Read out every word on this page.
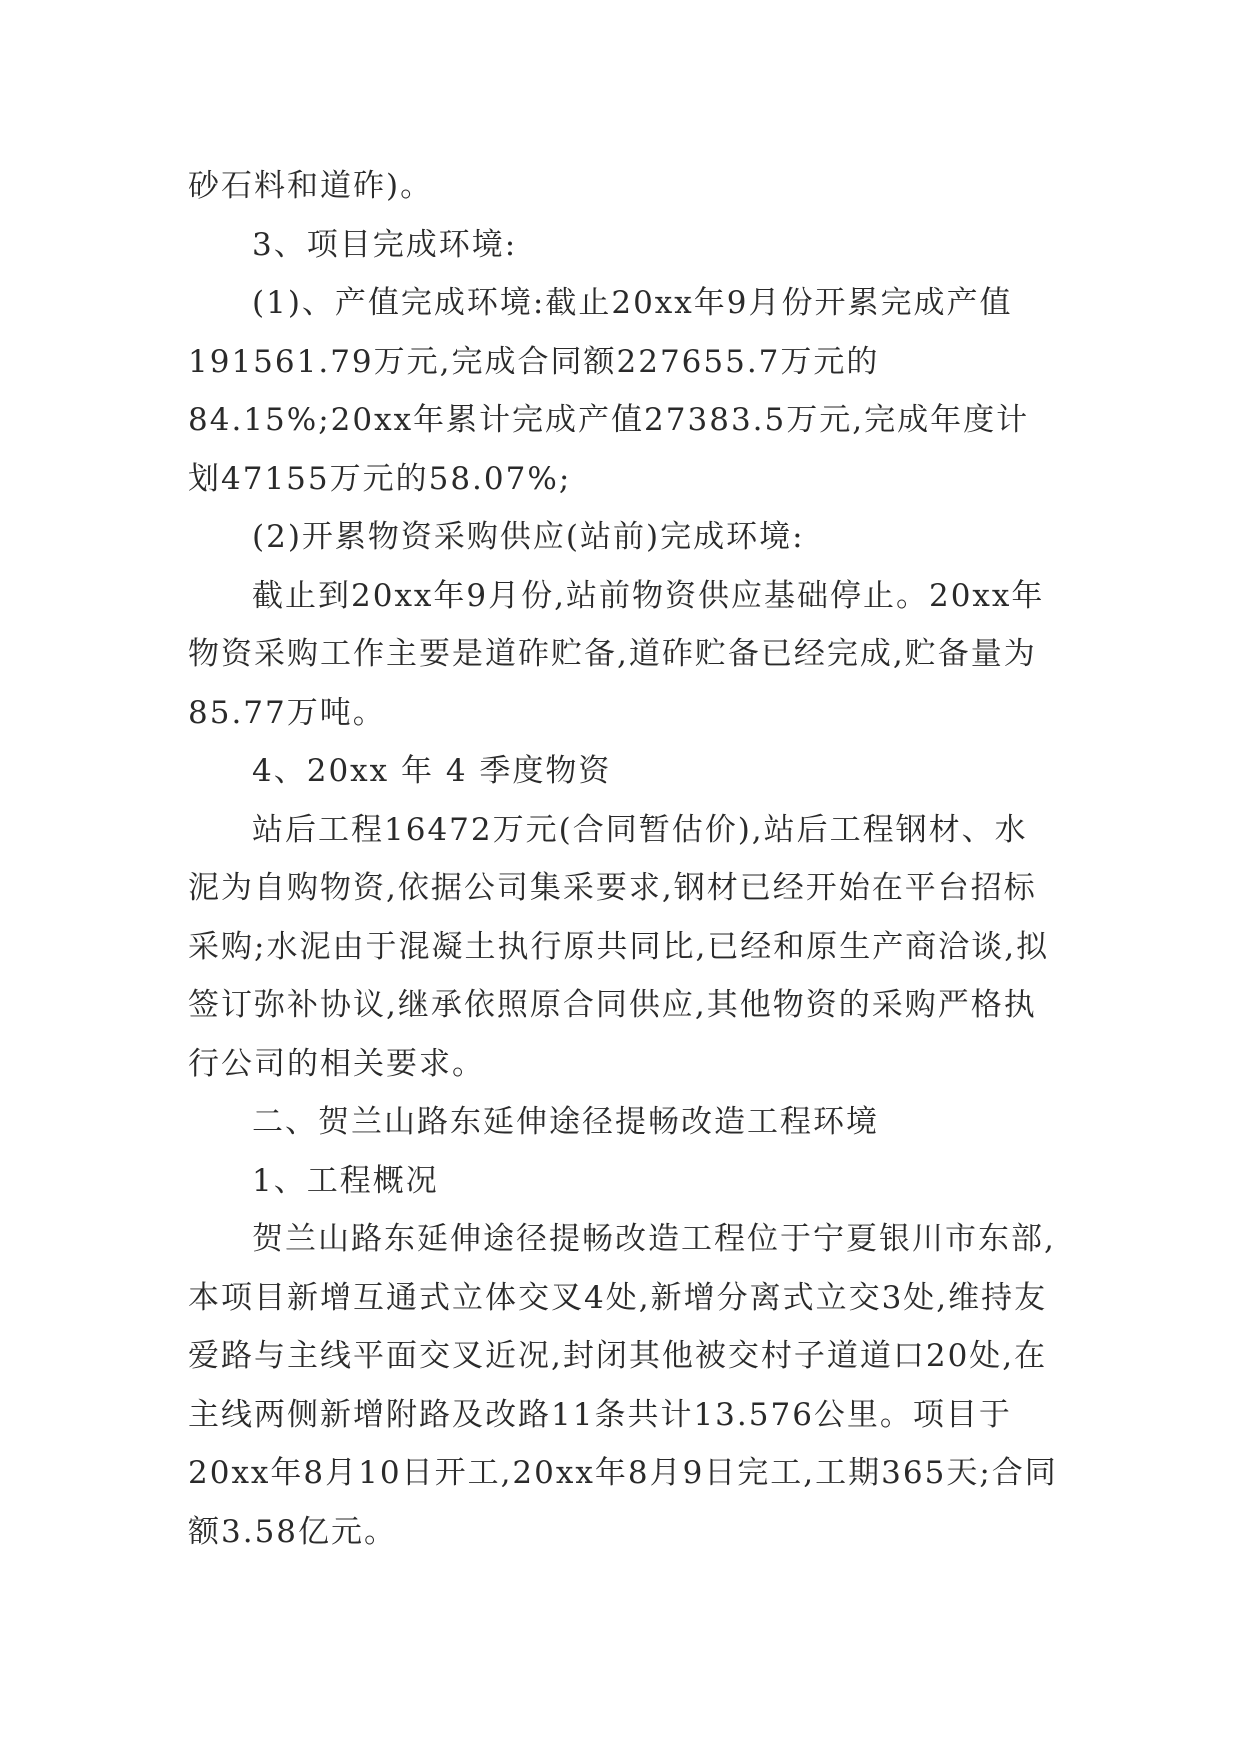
砂石料和道砟)。

3、项目完成环境:

(1)、产值完成环境:截止20xx年9月份开累完成产值191561.79万元,完成合同额227655.7万元的84.15%;20xx年累计完成产值27383.5万元,完成年度计划47155万元的58.07%;

(2)开累物资采购供应(站前)完成环境:

截止到20xx年9月份,站前物资供应基础停止。20xx年物资采购工作主要是道砟贮备,道砟贮备已经完成,贮备量为85.77万吨。

4、20xx 年 4 季度物资

站后工程16472万元(合同暂估价),站后工程钢材、水泥为自购物资,依据公司集采要求,钢材已经开始在平台招标采购;水泥由于混凝土执行原共同比,已经和原生产商洽谈,拟签订弥补协议,继承依照原合同供应,其他物资的采购严格执行公司的相关要求。

二、贺兰山路东延伸途径提畅改造工程环境

1、工程概况

贺兰山路东延伸途径提畅改造工程位于宁夏银川市东部,本项目新增互通式立体交叉4处,新增分离式立交3处,维持友爱路与主线平面交叉近况,封闭其他被交村子道道口20处,在主线两侧新增附路及改路11条共计13.576公里。项目于20xx年8月10日开工,20xx年8月9日完工,工期365天;合同额3.58亿元。
